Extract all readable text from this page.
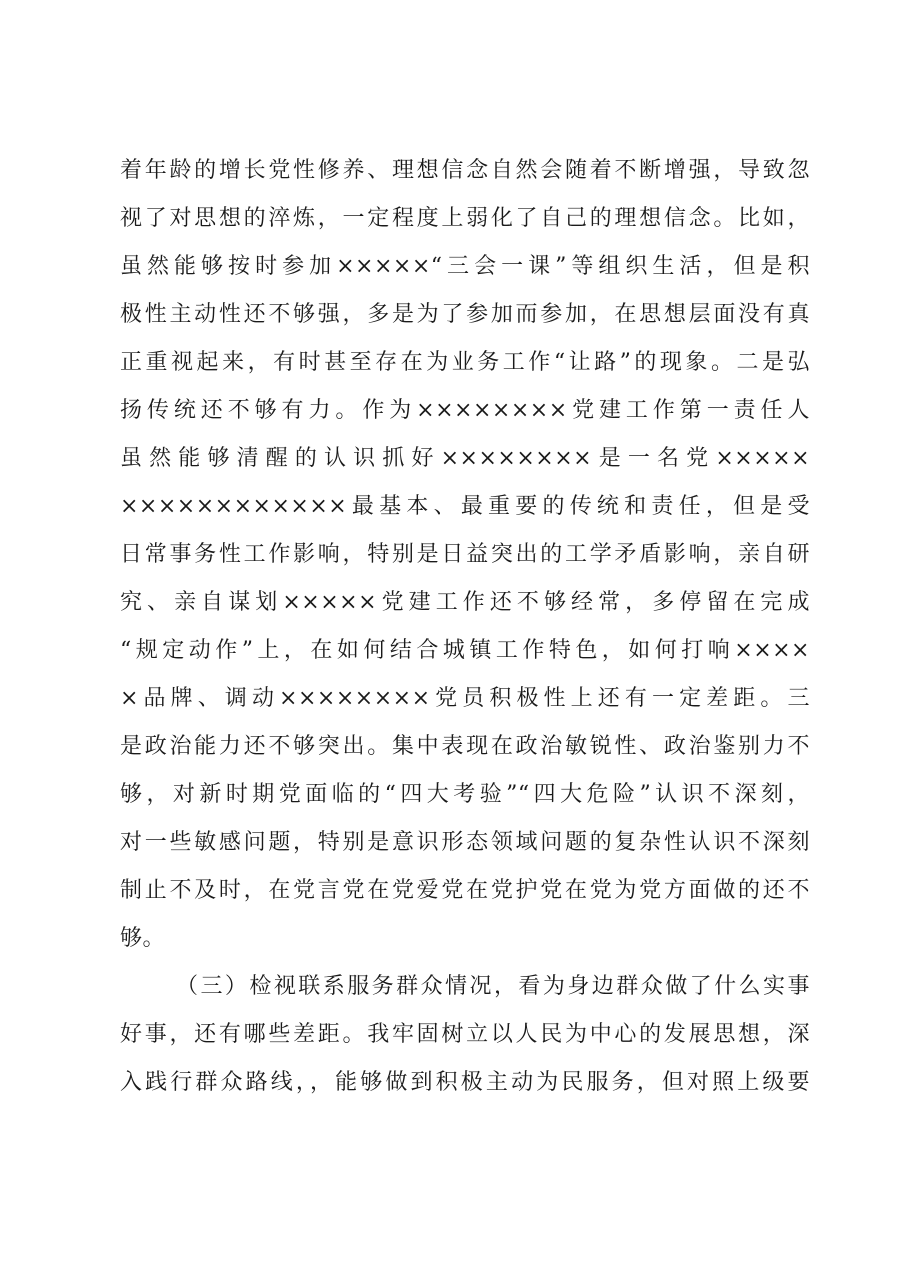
着年龄的增长党性修养、理想信念自然会随着不断增强，导致忽
视了对思想的淬炼，一定程度上弱化了自己的理想信念。比如，
虽然能够按时参加×××××“三会一课”等组织生活，但是积
极性主动性还不够强，多是为了参加而参加，在思想层面没有真
正重视起来，有时甚至存在为业务工作“让路”的现象。二是弘
扬传统还不够有力。作为××××××××党建工作第一责任人
虽然能够清醒的认识抓好××××××××是一名党×××××
××××××××××××最基本、最重要的传统和责任，但是受
日常事务性工作影响，特别是日益突出的工学矛盾影响，亲自研
究、亲自谋划×××××党建工作还不够经常，多停留在完成
“规定动作”上，在如何结合城镇工作特色，如何打响××××
×品牌、调动××××××××党员积极性上还有一定差距。三
是政治能力还不够突出。集中表现在政治敏锐性、政治鉴别力不
够，对新时期党面临的“四大考验”“四大危险”认识不深刻，
对一些敏感问题，特别是意识形态领域问题的复杂性认识不深刻
制止不及时，在党言党在党爱党在党护党在党为党方面做的还不
够。
（三）检视联系服务群众情况，看为身边群众做了什么实事
好事，还有哪些差距。我牢固树立以人民为中心的发展思想，深
入践行群众路线，，能够做到积极主动为民服务，但对照上级要
